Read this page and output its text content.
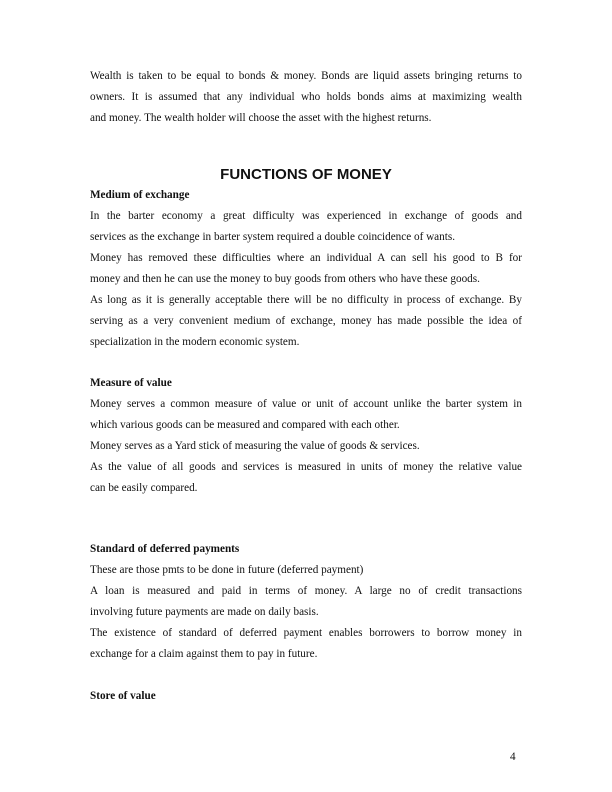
Wealth is taken to be equal to bonds & money. Bonds are liquid assets bringing returns to
owners. It is assumed that any individual who holds bonds aims at maximizing wealth
and money. The wealth holder will choose the asset with the highest returns.
FUNCTIONS OF MONEY
Medium of exchange
In the barter economy a great difficulty was experienced in exchange of goods and
services as the exchange in barter system required a double coincidence of wants.
Money has removed these difficulties where an individual A can sell his good to B for
money and then he can use the money to buy goods from others who have these goods.
As long as it is generally acceptable there will be no difficulty in process of exchange. By
serving as a very convenient medium of exchange, money has made possible the idea of
specialization in the modern economic system.
Measure of value
Money serves a common measure of value or unit of account unlike the barter system in
which various goods can be measured and compared with each other.
Money serves as a Yard stick of measuring the value of goods & services.
As the value of all goods and services is measured in units of money the relative value
can be easily compared.
Standard of deferred payments
These are those pmts to be done in future (deferred payment)
A loan is measured and paid in terms of money. A large no of credit transactions
involving future payments are made on daily basis.
The existence of standard of deferred payment enables borrowers to borrow money in
exchange for a claim against them to pay in future.
Store of value
4
